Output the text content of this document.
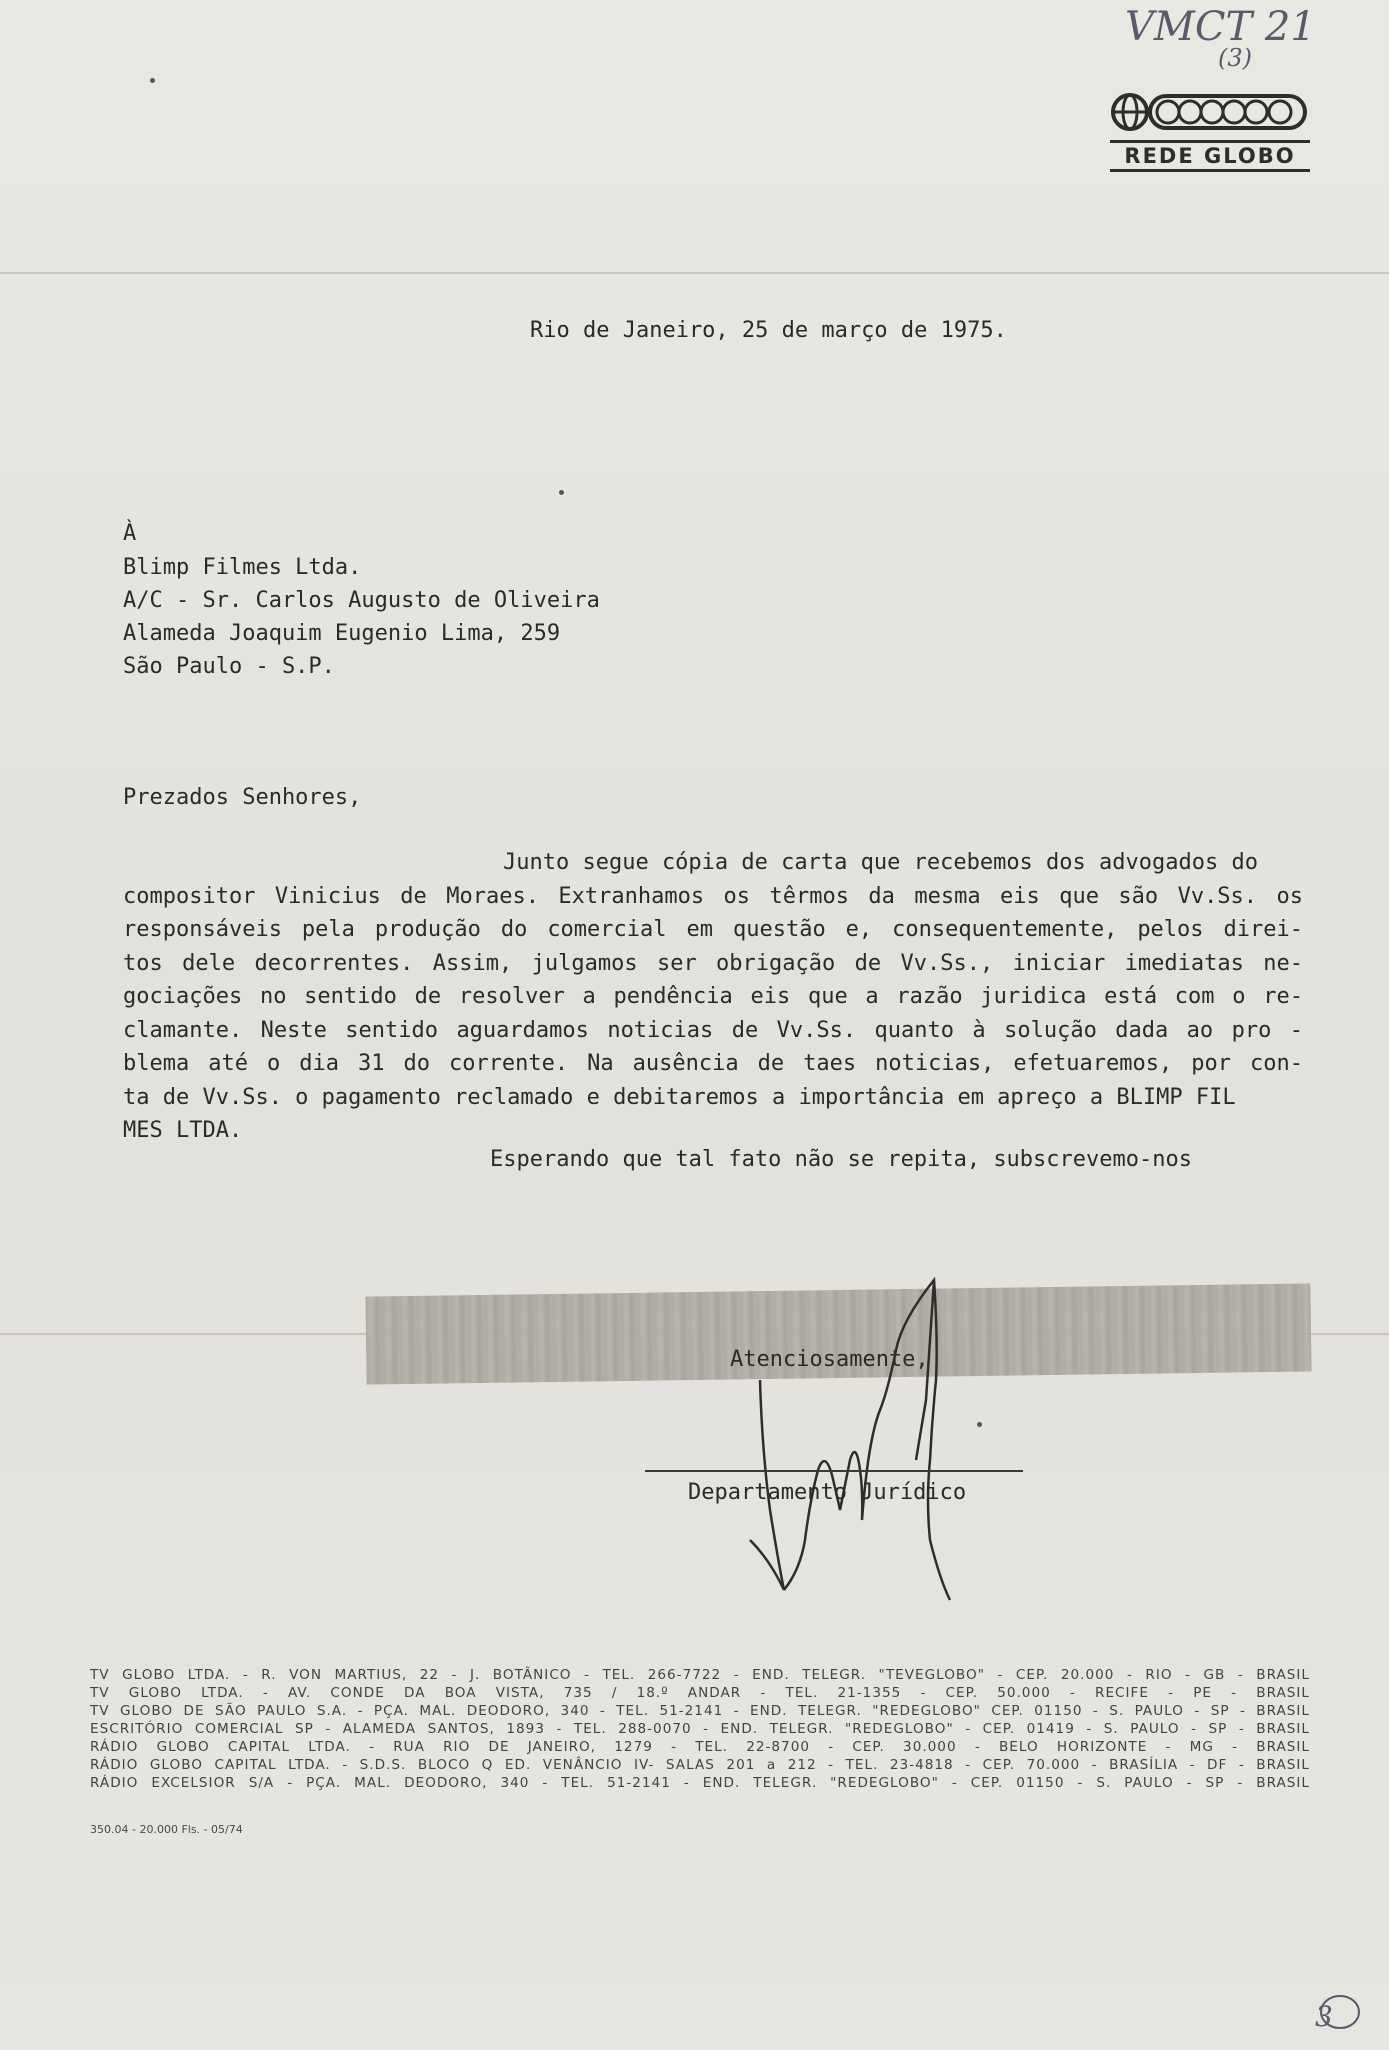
VMCT 21
(3)
REDE GLOBO
Rio de Janeiro, 25 de março de 1975.
À
Blimp Filmes Ltda.
A/C - Sr. Carlos Augusto de Oliveira
Alameda Joaquim Eugenio Lima, 259
São Paulo - S.P.
Prezados Senhores,
Junto segue cópia de carta que recebemos dos advogados do
compositor Vinicius de Moraes. Extranhamos os têrmos da mesma eis que são Vv.Ss. os
responsáveis pela produção do comercial em questão e, consequentemente, pelos direi-
tos dele decorrentes. Assim, julgamos ser obrigação de Vv.Ss., iniciar imediatas ne-
gociações no sentido de resolver a pendência eis que a razão juridica está com o re-
clamante. Neste sentido aguardamos noticias de Vv.Ss. quanto à solução dada ao pro -
blema até o dia 31 do corrente. Na ausência de taes noticias, efetuaremos, por con-
ta de Vv.Ss. o pagamento reclamado e debitaremos a importância em apreço a BLIMP FIL
MES LTDA.
Esperando que tal fato não se repita, subscrevemo-nos
Atenciosamente,
Departamento Jurídico
TV GLOBO LTDA. - R. VON MARTIUS, 22 - J. BOTÂNICO - TEL. 266-7722 - END. TELEGR. "TEVEGLOBO" - CEP. 20.000 - RIO - GB - BRASIL
TV GLOBO LTDA. - AV. CONDE DA BOA VISTA, 735 / 18.º ANDAR - TEL. 21-1355 - CEP. 50.000 - RECIFE - PE - BRASIL
TV GLOBO DE SÃO PAULO S.A. - PÇA. MAL. DEODORO, 340 - TEL. 51-2141 - END. TELEGR. "REDEGLOBO" CEP. 01150 - S. PAULO - SP - BRASIL
ESCRITÓRIO COMERCIAL SP - ALAMEDA SANTOS, 1893 - TEL. 288-0070 - END. TELEGR. "REDEGLOBO" - CEP. 01419 - S. PAULO - SP - BRASIL
RÁDIO GLOBO CAPITAL LTDA. - RUA RIO DE JANEIRO, 1279 - TEL. 22-8700 - CEP. 30.000 - BELO HORIZONTE - MG - BRASIL
RÁDIO GLOBO CAPITAL LTDA. - S.D.S. BLOCO Q ED. VENÂNCIO IV- SALAS 201 a 212 - TEL. 23-4818 - CEP. 70.000 - BRASÍLIA - DF - BRASIL
RÁDIO EXCELSIOR S/A - PÇA. MAL. DEODORO, 340 - TEL. 51-2141 - END. TELEGR. "REDEGLOBO" - CEP. 01150 - S. PAULO - SP - BRASIL
350.04 - 20.000 Fls. - 05/74
3
